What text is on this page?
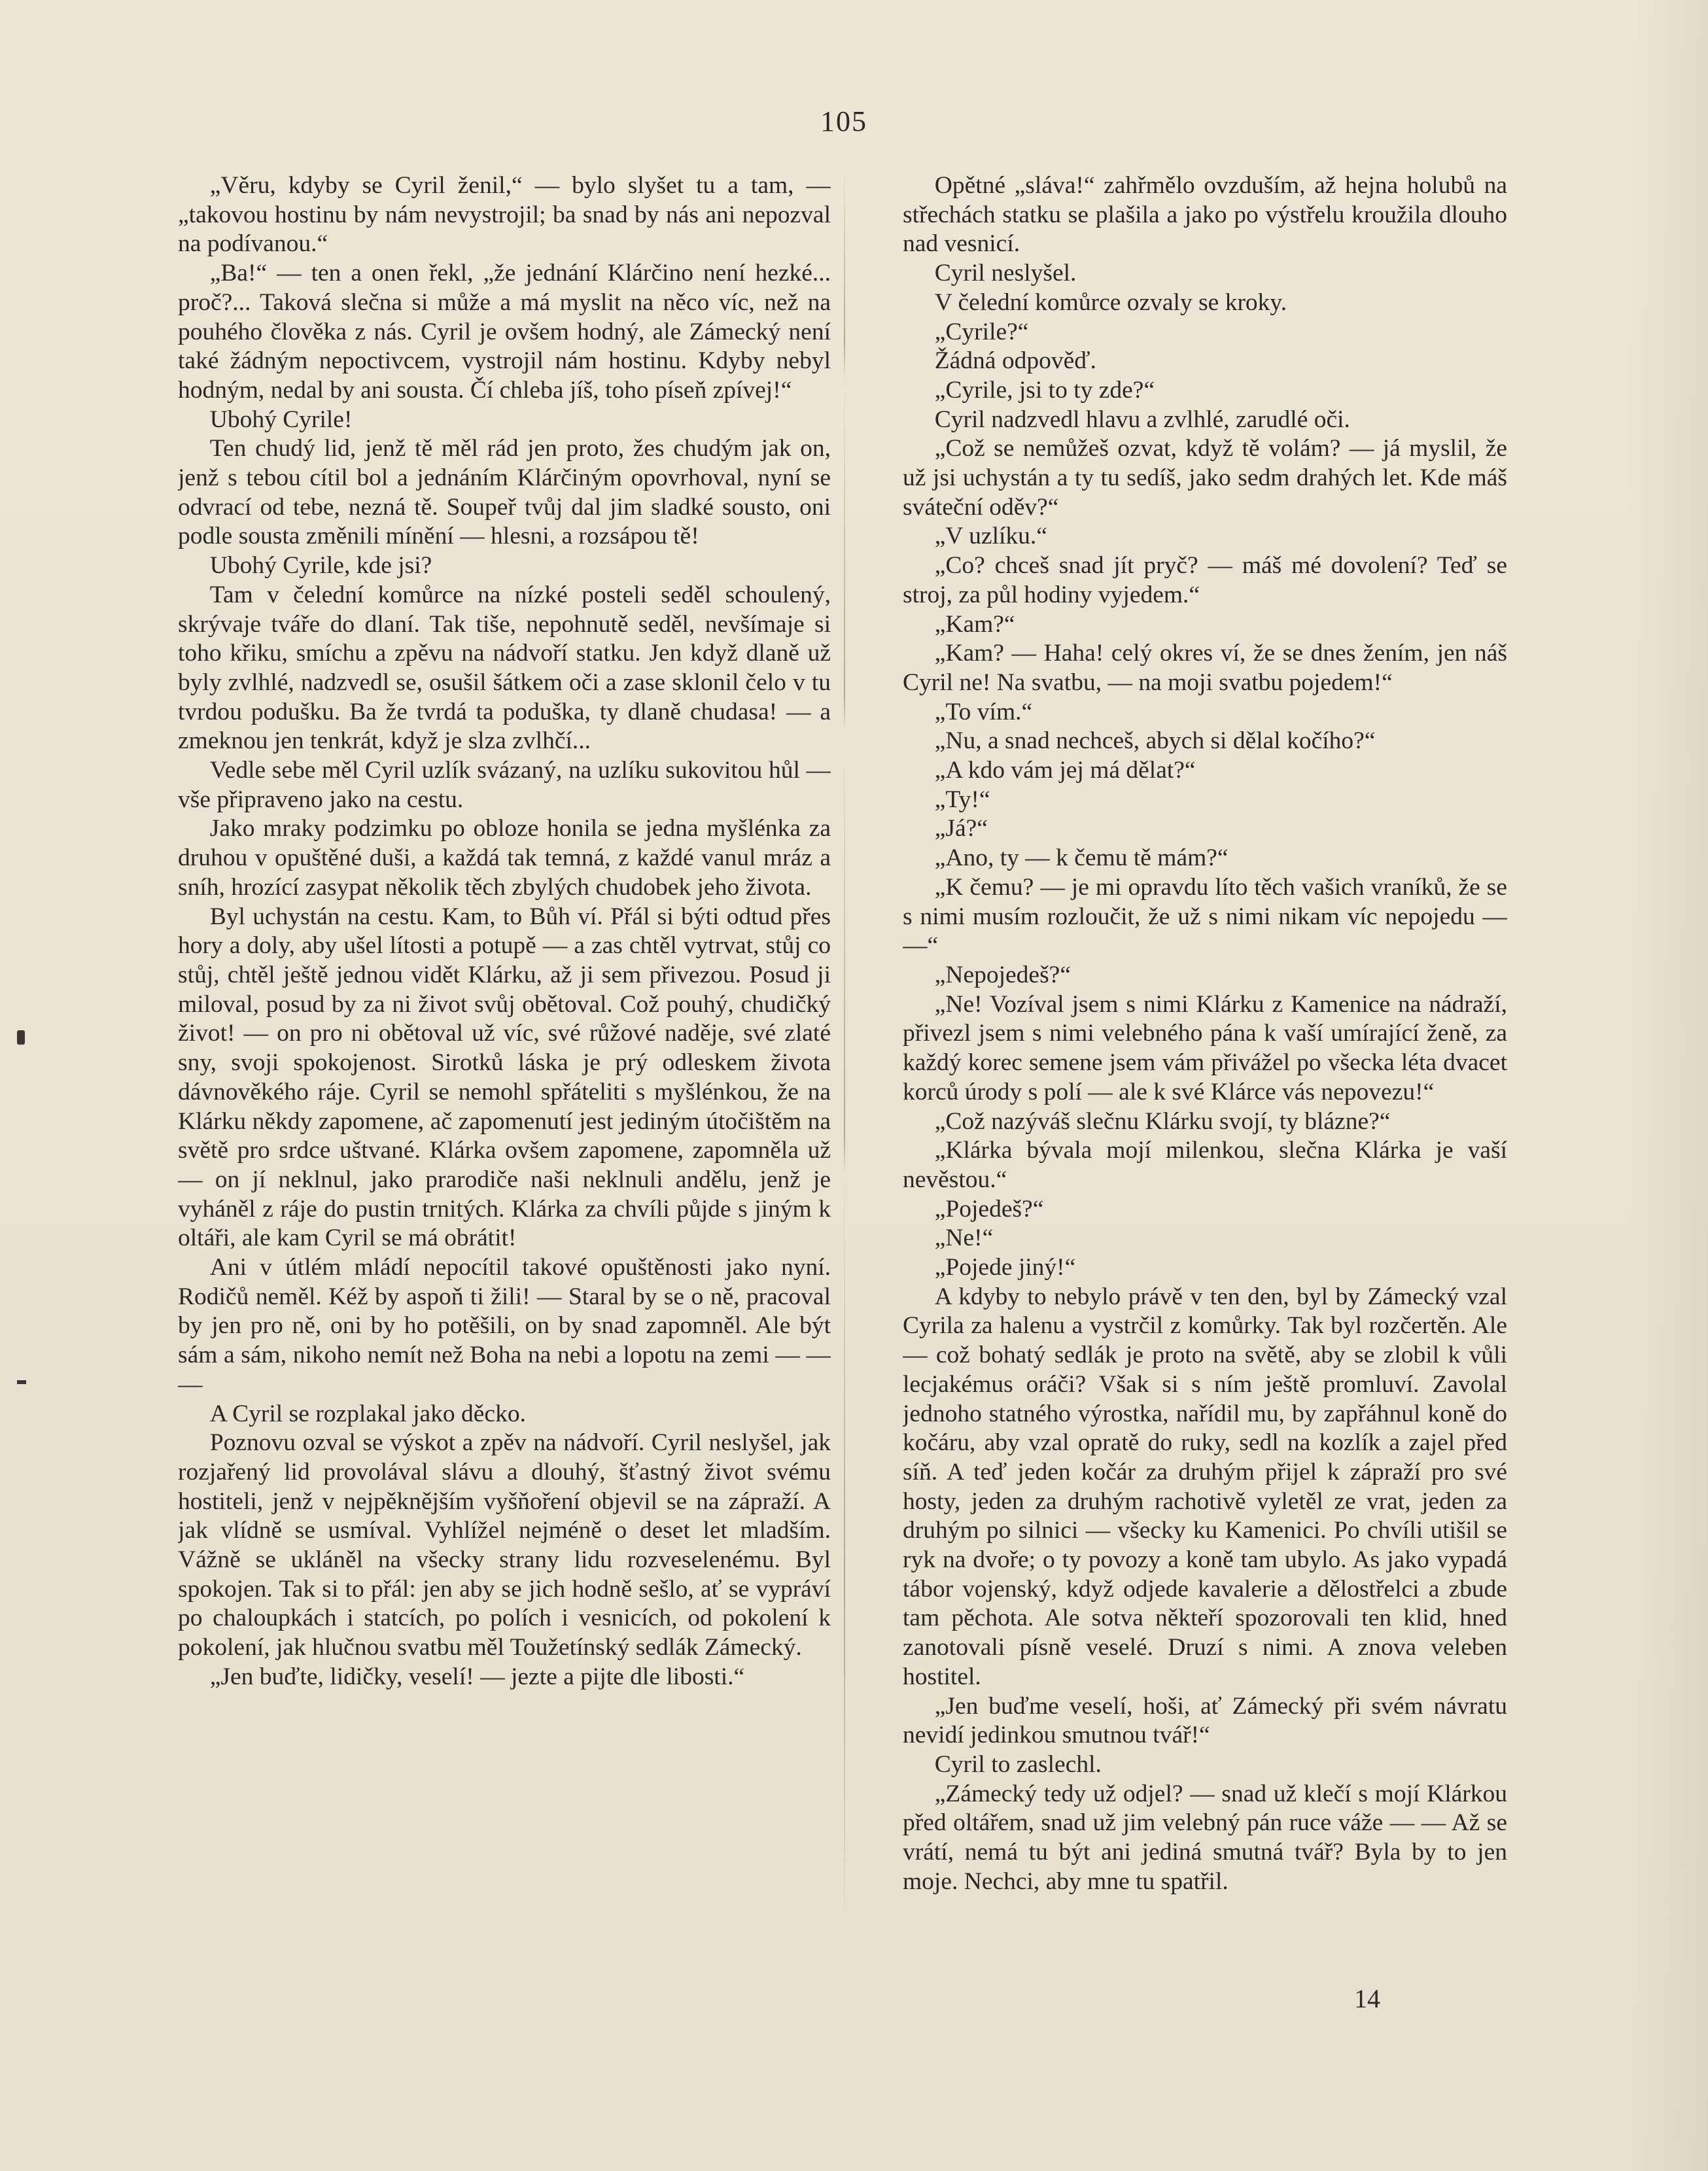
105

„Věru, kdyby se Cyril ženil,“ — bylo slyšet tu a tam, — „takovou hostinu by nám nevystrojil; ba snad by nás ani nepozval na podívanou.“

„Ba!“ — ten a onen řekl, „že jednání Klárčino není hezké... proč?... Taková slečna si může a má myslit na něco víc, než na pouhého člověka z nás. Cyril je ovšem hodný, ale Zámecký není také žádným nepoctivcem, vystrojil nám hostinu. Kdyby nebyl hodným, nedal by ani sousta. Čí chleba jíš, toho píseň zpívej!“

Ubohý Cyrile!

Ten chudý lid, jenž tě měl rád jen proto, žes chudým jak on, jenž s tebou cítil bol a jednáním Klárčiným opovrhoval, nyní se odvrací od tebe, nezná tě. Soupeř tvůj dal jim sladké sousto, oni podle sousta změnili mínění — hlesni, a rozsápou tě!

Ubohý Cyrile, kde jsi?

Tam v čelední komůrce na nízké posteli seděl schoulený, skrývaje tváře do dlaní. Tak tiše, nepohnutě seděl, nevšímaje si toho křiku, smíchu a zpěvu na nádvoří statku. Jen když dlaně už byly zvlhlé, nadzvedl se, osušil šátkem oči a zase sklonil čelo v tu tvrdou podušku. Ba že tvrdá ta poduška, ty dlaně chudasa! — a zmeknou jen tenkrát, když je slza zvlhčí...

Vedle sebe měl Cyril uzlík svázaný, na uzlíku sukovitou hůl — vše připraveno jako na cestu.

Jako mraky podzimku po obloze honila se jedna myšlénka za druhou v opuštěné duši, a každá tak temná, z každé vanul mráz a sníh, hrozící zasypat několik těch zbylých chudobek jeho života.

Byl uchystán na cestu. Kam, to Bůh ví. Přál si býti odtud přes hory a doly, aby ušel lítosti a potupě — a zas chtěl vytrvat, stůj co stůj, chtěl ještě jednou vidět Klárku, až ji sem přivezou. Posud ji miloval, posud by za ni život svůj obětoval. Což pouhý, chudičký život! — on pro ni obětoval už víc, své růžové naděje, své zlaté sny, svoji spokojenost. Sirotků láska je prý odleskem života dávnověkého ráje. Cyril se nemohl spřáteliti s myšlénkou, že na Klárku někdy zapomene, ač zapomenutí jest jediným útočištěm na světě pro srdce uštvané. Klárka ovšem zapomene, zapomněla už — on jí neklnul, jako prarodiče naši neklnuli andělu, jenž je vyháněl z ráje do pustin trnitých. Klárka za chvíli půjde s jiným k oltáři, ale kam Cyril se má obrátit!

Ani v útlém mládí nepocítil takové opuštěnosti jako nyní. Rodičů neměl. Kéž by aspoň ti žili! — Staral by se o ně, pracoval by jen pro ně, oni by ho potěšili, on by snad zapomněl. Ale být sám a sám, nikoho nemít než Boha na nebi a lopotu na zemi — — —

A Cyril se rozplakal jako děcko.

Poznovu ozval se výskot a zpěv na nádvoří. Cyril neslyšel, jak rozjařený lid provolával slávu a dlouhý, šťastný život svému hostiteli, jenž v nejpěknějším vyšňoření objevil se na zápraží. A jak vlídně se usmíval. Vyhlížel nejméně o deset let mladším. Vážně se ukláněl na všecky strany lidu rozveselenému. Byl spokojen. Tak si to přál: jen aby se jich hodně sešlo, ať se vypráví po chaloupkách i statcích, po polích i vesnicích, od pokolení k pokolení, jak hlučnou svatbu měl Toužetínský sedlák Zámecký.

„Jen buďte, lidičky, veselí! — jezte a pijte dle libosti.“

Opětné „sláva!“ zahřmělo ovzduším, až hejna holubů na střechách statku se plašila a jako po výstřelu kroužila dlouho nad vesnicí.

Cyril neslyšel.

V čelední komůrce ozvaly se kroky.

„Cyrile?“

Žádná odpověď.

„Cyrile, jsi to ty zde?“

Cyril nadzvedl hlavu a zvlhlé, zarudlé oči.

„Což se nemůžeš ozvat, když tě volám? — já myslil, že už jsi uchystán a ty tu sedíš, jako sedm drahých let. Kde máš sváteční oděv?“

„V uzlíku.“

„Co? chceš snad jít pryč? — máš mé dovolení? Teď se stroj, za půl hodiny vyjedem.“

„Kam?“

„Kam? — Haha! celý okres ví, že se dnes žením, jen náš Cyril ne! Na svatbu, — na moji svatbu pojedem!“

„To vím.“

„Nu, a snad nechceš, abych si dělal kočího?“

„A kdo vám jej má dělat?“

„Ty!“

„Já?“

„Ano, ty — k čemu tě mám?“

„K čemu? — je mi opravdu líto těch vašich vraníků, že se s nimi musím rozloučit, že už s nimi nikam víc nepojedu — —“

„Nepojedeš?“

„Ne! Vozíval jsem s nimi Klárku z Kamenice na nádraží, přivezl jsem s nimi velebného pána k vaší umírající ženě, za každý korec semene jsem vám přivážel po všecka léta dvacet korců úrody s polí — ale k své Klárce vás nepovezu!“

„Což nazýváš slečnu Klárku svojí, ty blázne?“

„Klárka bývala mojí milenkou, slečna Klárka je vaší nevěstou.“

„Pojedeš?“

„Ne!“

„Pojede jiný!“

A kdyby to nebylo právě v ten den, byl by Zámecký vzal Cyrila za halenu a vystrčil z komůrky. Tak byl rozčertěn. Ale — což bohatý sedlák je proto na světě, aby se zlobil k vůli lecjakémus oráči? Však si s ním ještě promluví. Zavolal jednoho statného výrostka, nařídil mu, by zapřáhnul koně do kočáru, aby vzal opratě do ruky, sedl na kozlík a zajel před síň. A teď jeden kočár za druhým přijel k zápraží pro své hosty, jeden za druhým rachotivě vyletěl ze vrat, jeden za druhým po silnici — všecky ku Kamenici. Po chvíli utišil se ryk na dvoře; o ty povozy a koně tam ubylo. As jako vypadá tábor vojenský, když odjede kavalerie a dělostřelci a zbude tam pěchota. Ale sotva někteří spozorovali ten klid, hned zanotovali písně veselé. Druzí s nimi. A znova veleben hostitel.

„Jen buďme veselí, hoši, ať Zámecký při svém návratu nevidí jedinkou smutnou tvář!“

Cyril to zaslechl.

„Zámecký tedy už odjel? — snad už klečí s mojí Klárkou před oltářem, snad už jim velebný pán ruce váže — — Až se vrátí, nemá tu být ani jediná smutná tvář? Byla by to jen moje. Nechci, aby mne tu spatřil.

14
